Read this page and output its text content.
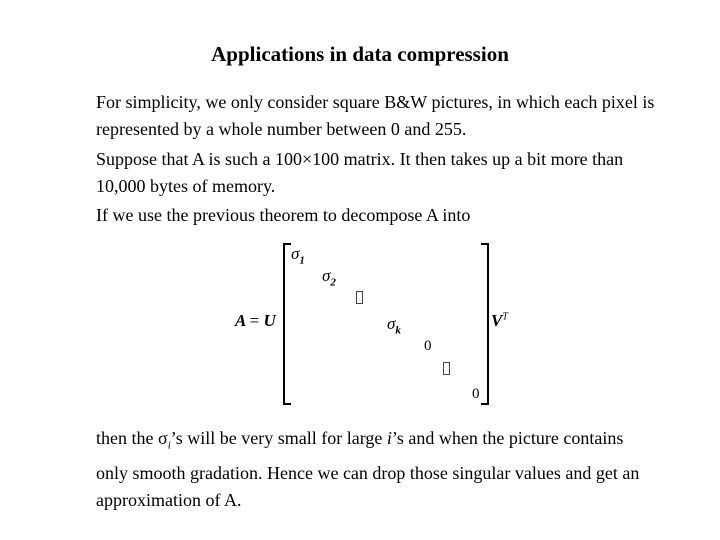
Applications in data compression
For simplicity, we only consider square B&W pictures, in which each pixel is represented by a whole number between 0 and 255.
Suppose that A is such a 100×100 matrix. It then takes up a bit more than 10,000 bytes of memory.
If we use the previous theorem to decompose A into
A = U
$\sigma_1$
$\sigma_2$
$\sigma_k$
0
0
$V^T$
then the $\sigma_i’s$ will be very small for large i’s and when the picture contains only smooth gradation. Hence we can drop those singular values and get an approximation of A.
